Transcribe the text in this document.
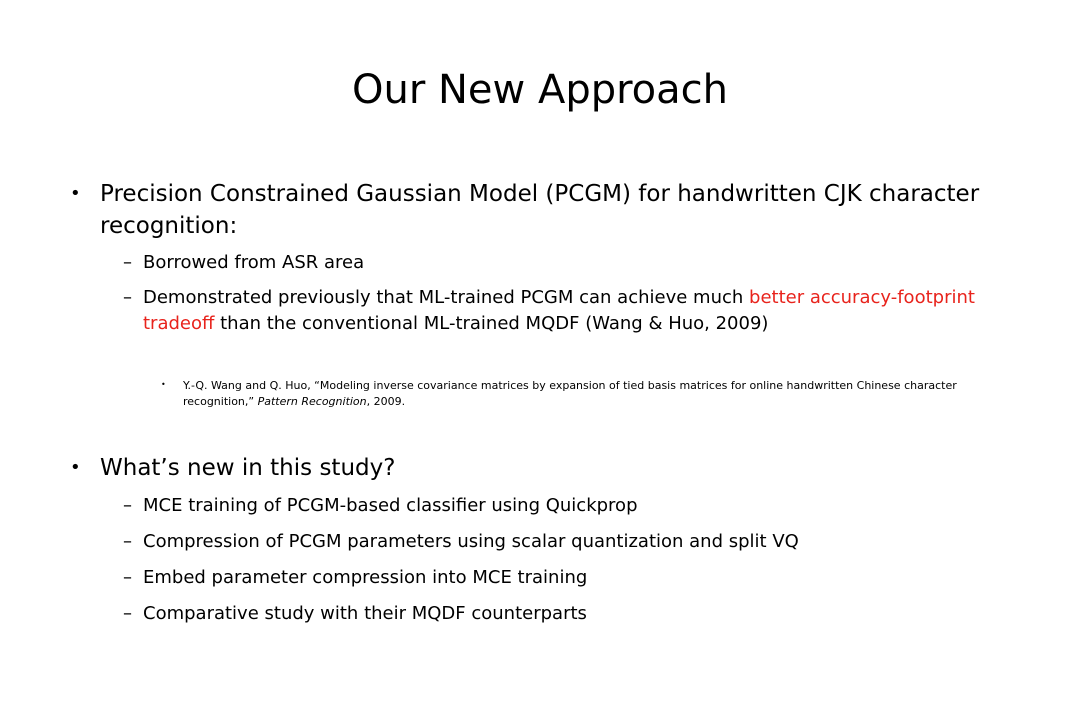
Our New Approach
• Precision Constrained Gaussian Model (PCGM) for handwritten CJK character recognition:
– Borrowed from ASR area
– Demonstrated previously that ML-trained PCGM can achieve much better accuracy-footprint tradeoff than the conventional ML-trained MQDF (Wang & Huo, 2009)
• Y.-Q. Wang and Q. Huo, “Modeling inverse covariance matrices by expansion of tied basis matrices for online handwritten Chinese character recognition,” Pattern Recognition, 2009.
• What’s new in this study?
– MCE training of PCGM-based classifier using Quickprop
– Compression of PCGM parameters using scalar quantization and split VQ
– Embed parameter compression into MCE training
– Comparative study with their MQDF counterparts
